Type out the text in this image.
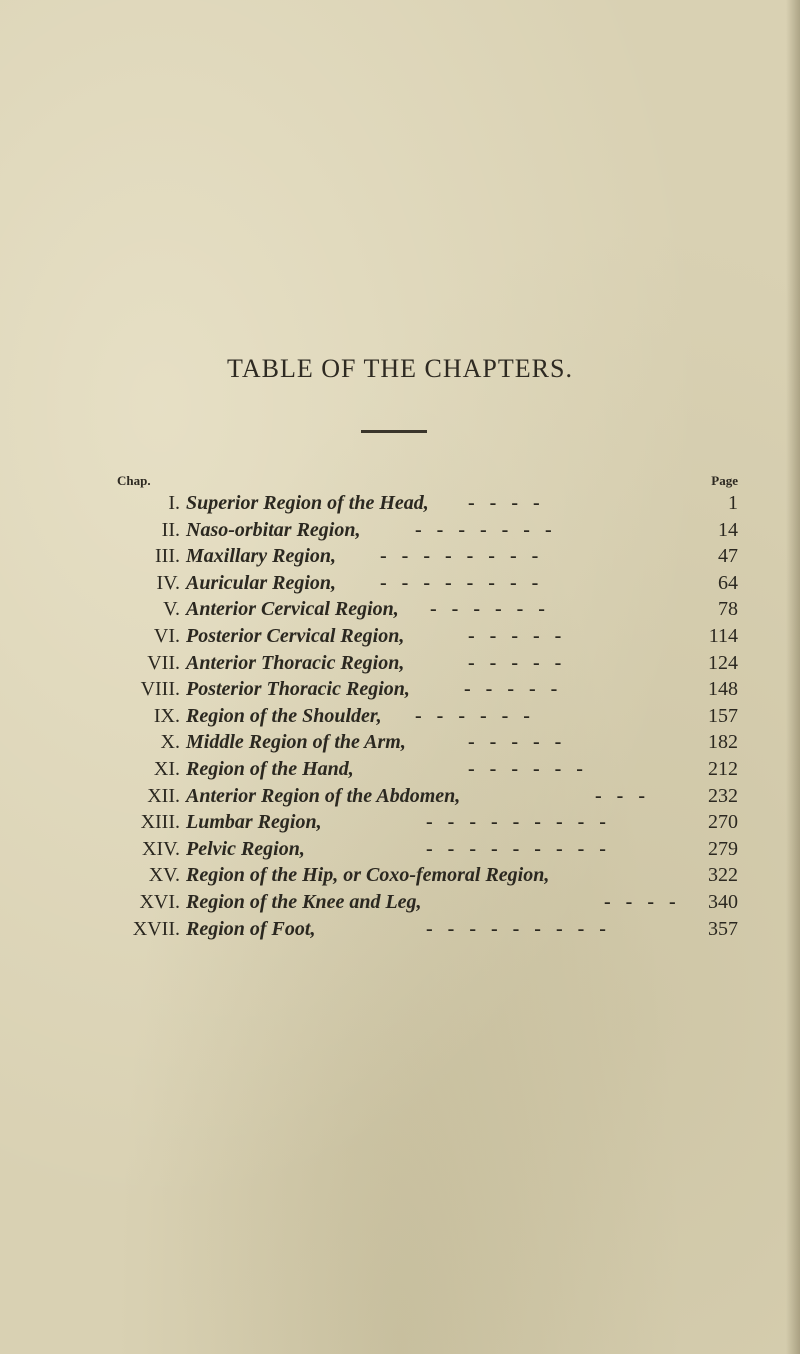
TABLE OF THE CHAPTERS.
Chap.	Page
I. Superior Region of the Head, - - - -	1
II. Naso-orbitar Region,	- - - - - - -	14
III. Maxillary Region, - - - - - - - -	47
IV. Auricular Region, - - - - - - - -	64
V. Anterior Cervical Region, - - - - - -	78
VI. Posterior Cervical Region,	- - - - -	114
VII. Anterior Thoracic Region,	- - - - -	124
VIII. Posterior Thoracic Region,	- - - - -	148
IX. Region of the Shoulder, - - - - - -	157
X. Middle Region of the Arm,	- - - - -	182
XI. Region of the Hand,	- - - - - -	212
XII. Anterior Region of the Abdomen,	- - -	232
XIII. Lumbar Region,	- - - - - - - - -	270
XIV. Pelvic Region,	- - - - - - - - -	279
XV. Region of the Hip, or Coxo-femoral Region,	322
XVI. Region of the Knee and Leg,	- - - - 340
XVII. Region of Foot,	- - - - - - - - -	357
